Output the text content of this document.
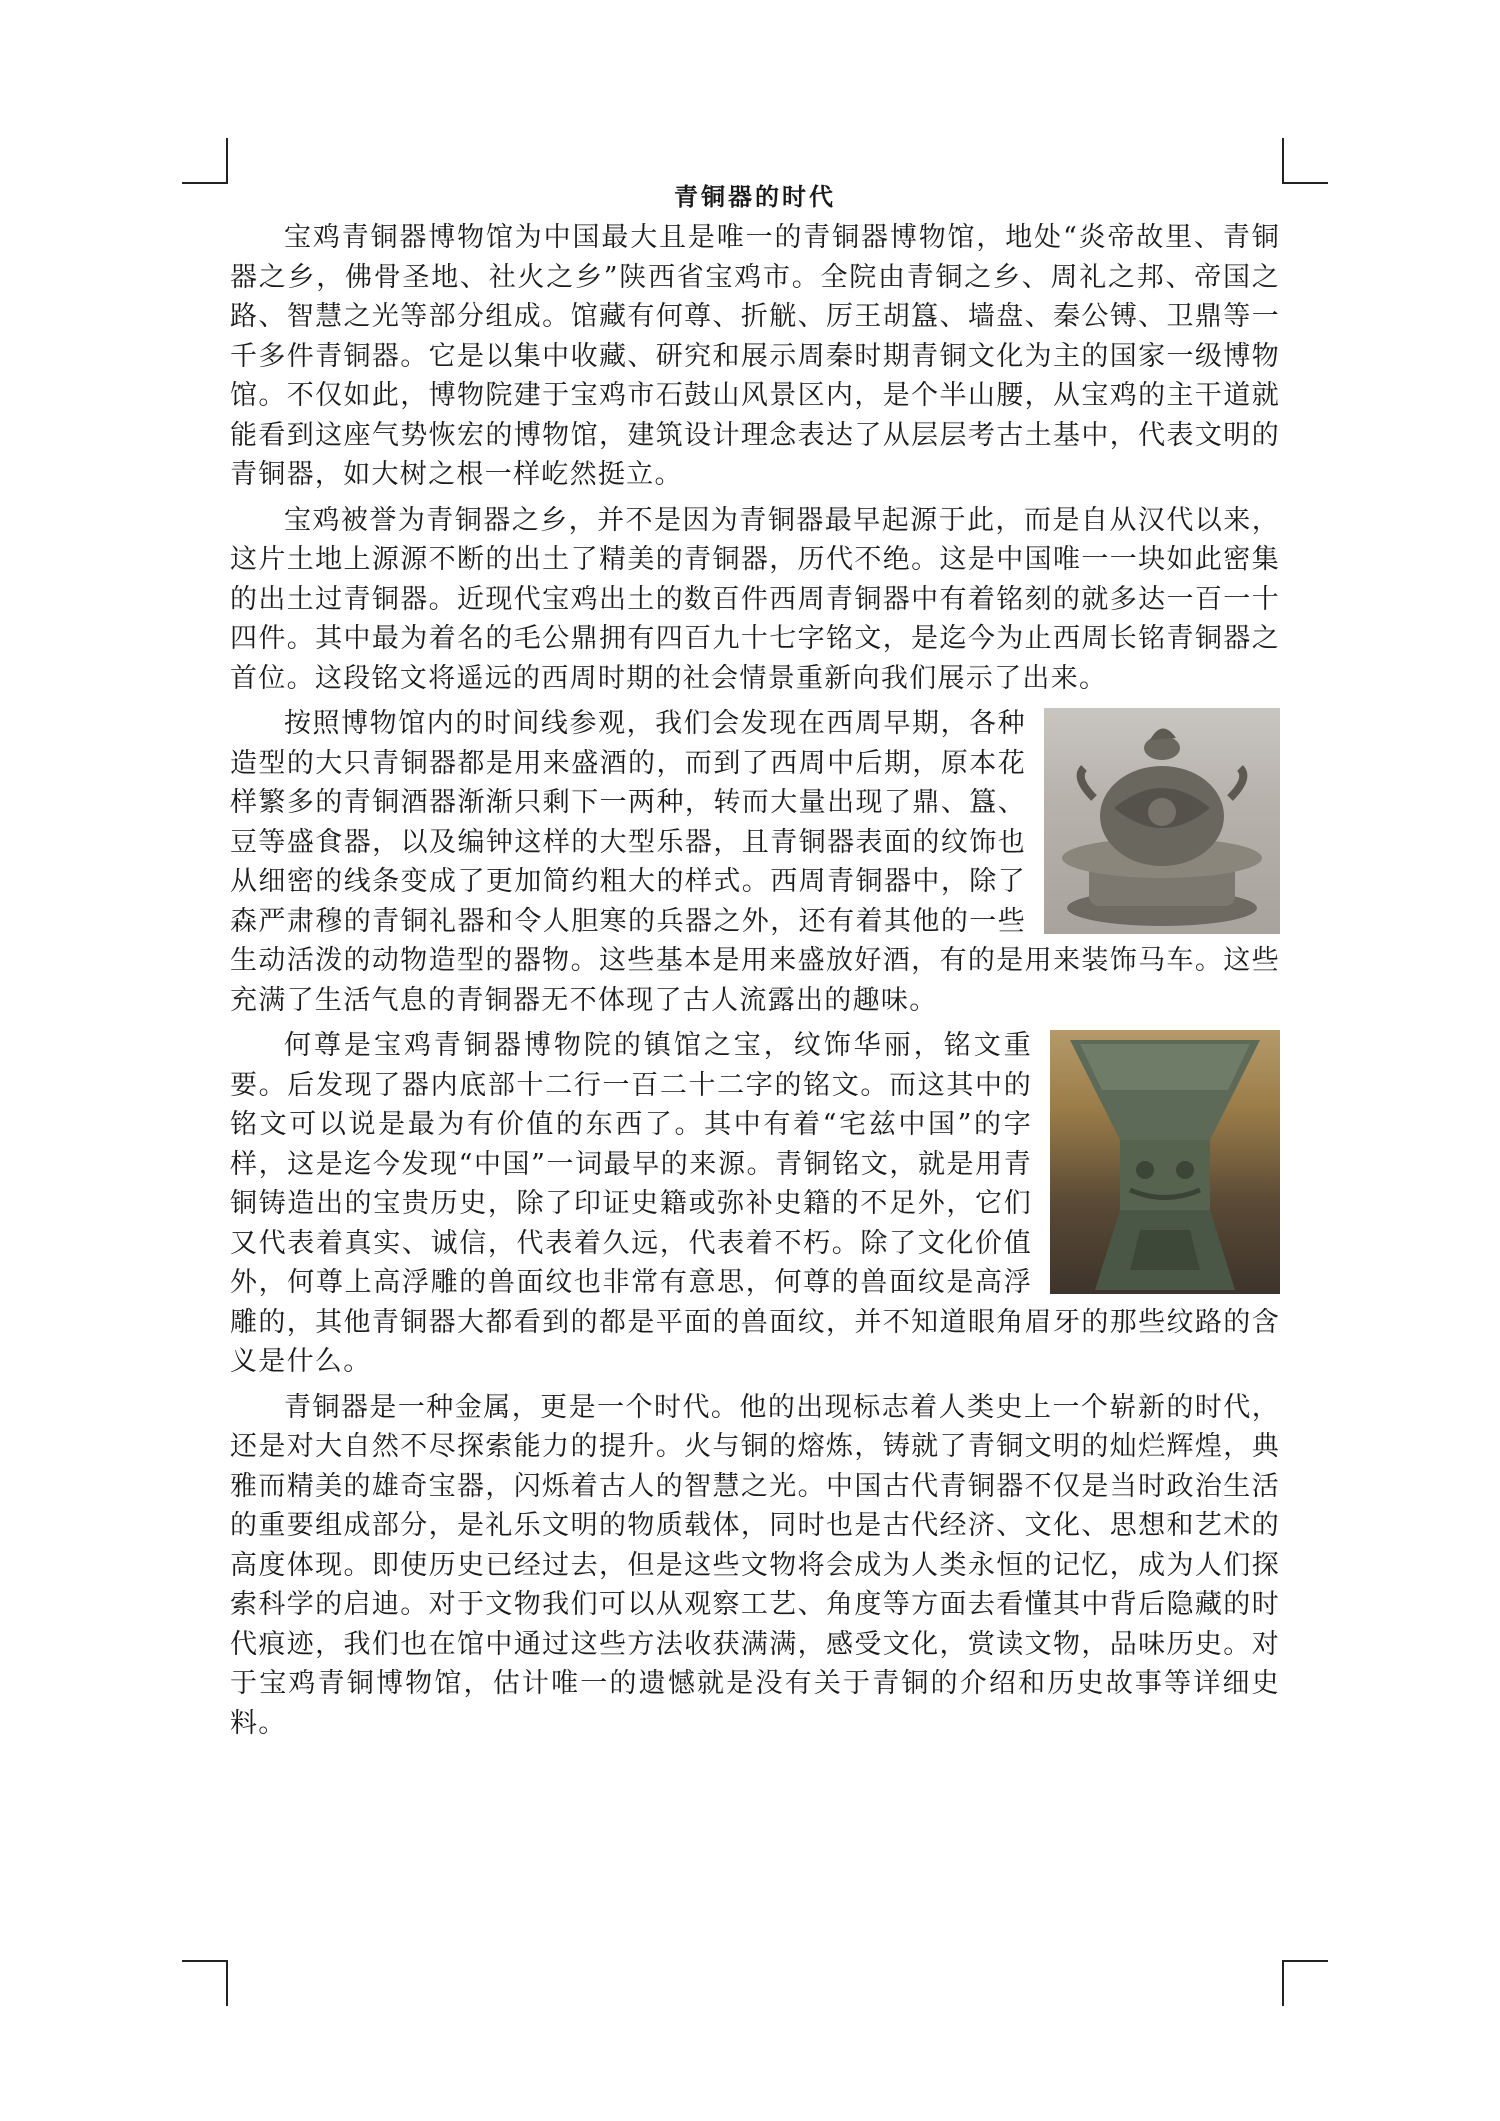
青铜器的时代

宝鸡青铜器博物馆为中国最大且是唯一的青铜器博物馆，地处“炎帝故里、青铜器之乡，佛骨圣地、社火之乡”陕西省宝鸡市。全院由青铜之乡、周礼之邦、帝国之路、智慧之光等部分组成。馆藏有何尊、折觥、厉王胡簋、墙盘、秦公镈、卫鼎等一千多件青铜器。它是以集中收藏、研究和展示周秦时期青铜文化为主的国家一级博物馆。不仅如此，博物院建于宝鸡市石鼓山风景区内，是个半山腰，从宝鸡的主干道就能看到这座气势恢宏的博物馆，建筑设计理念表达了从层层考古土基中，代表文明的青铜器，如大树之根一样屹然挺立。

宝鸡被誉为青铜器之乡，并不是因为青铜器最早起源于此，而是自从汉代以来，这片土地上源源不断的出土了精美的青铜器，历代不绝。这是中国唯一一块如此密集的出土过青铜器。近现代宝鸡出土的数百件西周青铜器中有着铭刻的就多达一百一十四件。其中最为着名的毛公鼎拥有四百九十七字铭文，是迄今为止西周长铭青铜器之首位。这段铭文将遥远的西周时期的社会情景重新向我们展示了出来。

按照博物馆内的时间线参观，我们会发现在西周早期，各种造型的大只青铜器都是用来盛酒的，而到了西周中后期，原本花样繁多的青铜酒器渐渐只剩下一两种，转而大量出现了鼎、簋、豆等盛食器，以及编钟这样的大型乐器，且青铜器表面的纹饰也从细密的线条变成了更加简约粗大的样式。西周青铜器中，除了森严肃穆的青铜礼器和令人胆寒的兵器之外，还有着其他的一些生动活泼的动物造型的器物。这些基本是用来盛放好酒，有的是用来装饰马车。这些充满了生活气息的青铜器无不体现了古人流露出的趣味。

何尊是宝鸡青铜器博物院的镇馆之宝，纹饰华丽，铭文重要。后发现了器内底部十二行一百二十二字的铭文。而这其中的铭文可以说是最为有价值的东西了。其中有着“宅兹中国”的字样，这是迄今发现“中国”一词最早的来源。青铜铭文，就是用青铜铸造出的宝贵历史，除了印证史籍或弥补史籍的不足外，它们又代表着真实、诚信，代表着久远，代表着不朽。除了文化价值外，何尊上高浮雕的兽面纹也非常有意思，何尊的兽面纹是高浮雕的，其他青铜器大都看到的都是平面的兽面纹，并不知道眼角眉牙的那些纹路的含义是什么。

青铜器是一种金属，更是一个时代。他的出现标志着人类史上一个崭新的时代，还是对大自然不尽探索能力的提升。火与铜的熔炼，铸就了青铜文明的灿烂辉煌，典雅而精美的雄奇宝器，闪烁着古人的智慧之光。中国古代青铜器不仅是当时政治生活的重要组成部分，是礼乐文明的物质载体，同时也是古代经济、文化、思想和艺术的高度体现。即使历史已经过去，但是这些文物将会成为人类永恒的记忆，成为人们探索科学的启迪。对于文物我们可以从观察工艺、角度等方面去看懂其中背后隐藏的时代痕迹，我们也在馆中通过这些方法收获满满，感受文化，赏读文物，品味历史。对于宝鸡青铜博物馆，估计唯一的遗憾就是没有关于青铜的介绍和历史故事等详细史料。
